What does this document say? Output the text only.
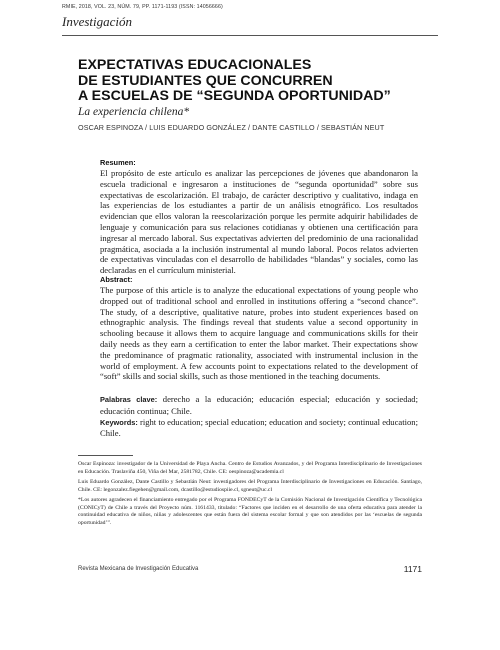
RMIE, 2018, VOL. 23, NÚM. 79, PP. 1171-1193 (ISSN: 14056666)
Investigación
EXPECTATIVAS EDUCACIONALES
DE ESTUDIANTES QUE CONCURREN
A ESCUELAS DE “SEGUNDA OPORTUNIDAD”
La experiencia chilena*
OSCAR ESPINOZA / LUIS EDUARDO GONZÁLEZ / DANTE CASTILLO / SEBASTIÁN NEUT

Resumen:

El propósito de este artículo es analizar las percepciones de jóvenes que abandonaron la escuela tradicional e ingresaron a instituciones de “segunda oportunidad” sobre sus expectativas de escolarización. El trabajo, de carácter descriptivo y cualitativo, indaga en las experiencias de los estudiantes a partir de un análisis etnográfico. Los resultados evidencian que ellos valoran la reescolarización porque les permite adquirir habilidades de lenguaje y comunicación para sus relaciones cotidianas y obtienen una certificación para ingresar al mercado laboral. Sus expectativas advierten del predominio de una racionalidad pragmática, asociada a la inclusión instrumental al mundo laboral. Pocos relatos advierten de expectativas vinculadas con el desarrollo de habilidades “blandas” y sociales, como las declaradas en el currículum ministerial.

Abstract:

The purpose of this article is to analyze the educational expectations of young people who dropped out of traditional school and enrolled in institutions offering a “second chance”. The study, of a descriptive, qualitative nature, probes into student experiences based on ethnographic analysis. The findings reveal that students value a second opportunity in schooling because it allows them to acquire language and communications skills for their daily needs as they earn a certification to enter the labor market. Their expectations show the predominance of pragmatic rationality, associated with instrumental inclusion in the world of employment. A few accounts point to expectations related to the development of “soft” skills and social skills, such as those mentioned in the teaching documents.

Palabras clave: derecho a la educación; educación especial; educación y sociedad; educación continua; Chile.

Keywords: right to education; special education; education and society; continual education; Chile.

Oscar Espinoza: investigador de la Universidad de Playa Ancha. Centro de Estudios Avanzados, y del Programa Interdisciplinario de Investigaciones en Educación. Traslaviña 450, Viña del Mar, 2581782, Chile. CE: oespinoza@academia.cl

Luis Eduardo González, Dante Castillo y Sebastián Neut: investigadores del Programa Interdisciplinario de Investigaciones en Educación. Santiago, Chile. CE: legonzalez.fiegehen@gmail.com, dcastillo@estudiospiie.cl, sgneut@uc.cl

*Los autores agradecen el financiamiento entregado por el Programa FONDECyT de la Comisión Nacional de Investigación Científica y Tecnológica (CONICyT) de Chile a través del Proyecto núm. 1161433, titulado: “Factores que inciden en el desarrollo de una oferta educativa para atender la continuidad educativa de niños, niñas y adolescentes que están fuera del sistema escolar formal y que son atendidos por las ‘escuelas de segunda oportunidad’”.

Revista Mexicana de Investigación Educativa	1171
